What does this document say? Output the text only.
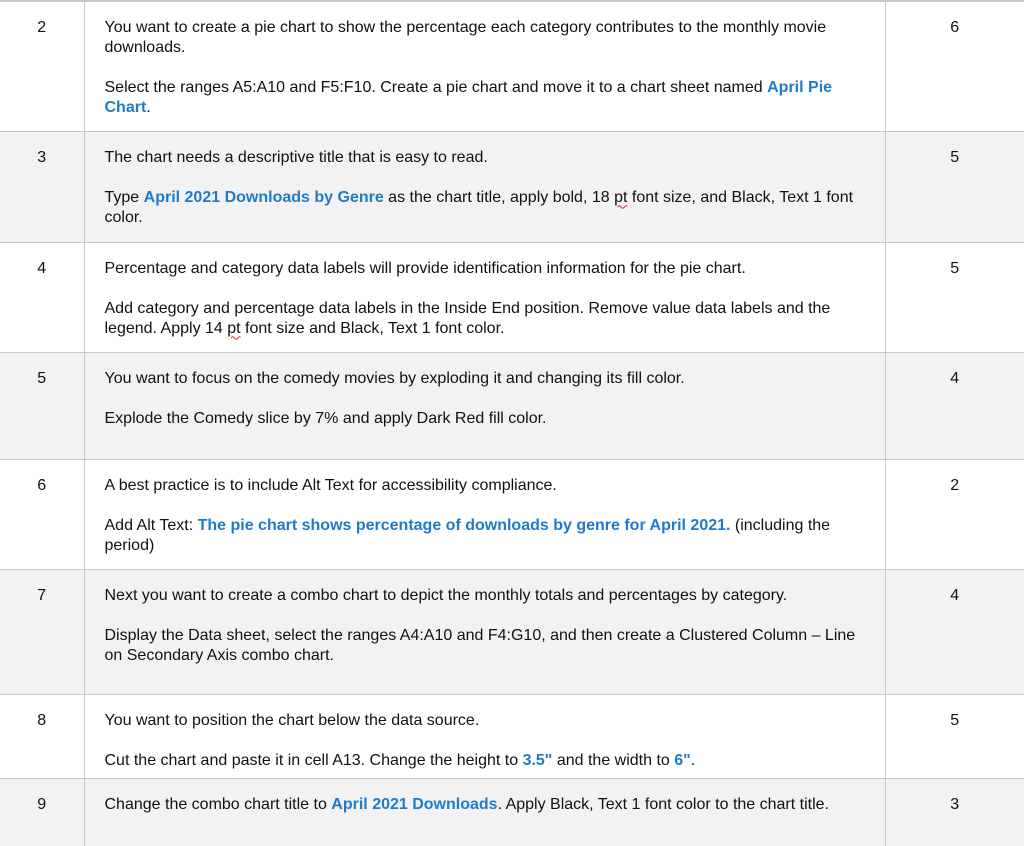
2	You want to create a pie chart to show the percentage each category contributes to the monthly movie downloads.

Select the ranges A5:A10 and F5:F10. Create a pie chart and move it to a chart sheet named April Pie Chart.	6
3	The chart needs a descriptive title that is easy to read.

Type April 2021 Downloads by Genre as the chart title, apply bold, 18 pt font size, and Black, Text 1 font color.	5
4	Percentage and category data labels will provide identification information for the pie chart.

Add category and percentage data labels in the Inside End position. Remove value data labels and the legend. Apply 14 pt font size and Black, Text 1 font color.	5
5	You want to focus on the comedy movies by exploding it and changing its fill color.

Explode the Comedy slice by 7% and apply Dark Red fill color.	4
6	A best practice is to include Alt Text for accessibility compliance.

Add Alt Text: The pie chart shows percentage of downloads by genre for April 2021. (including the period)	2
7	Next you want to create a combo chart to depict the monthly totals and percentages by category.

Display the Data sheet, select the ranges A4:A10 and F4:G10, and then create a Clustered Column – Line on Secondary Axis combo chart.	4
8	You want to position the chart below the data source.

Cut the chart and paste it in cell A13. Change the height to 3.5" and the width to 6".	5
9	Change the combo chart title to April 2021 Downloads. Apply Black, Text 1 font color to the chart title.	3
